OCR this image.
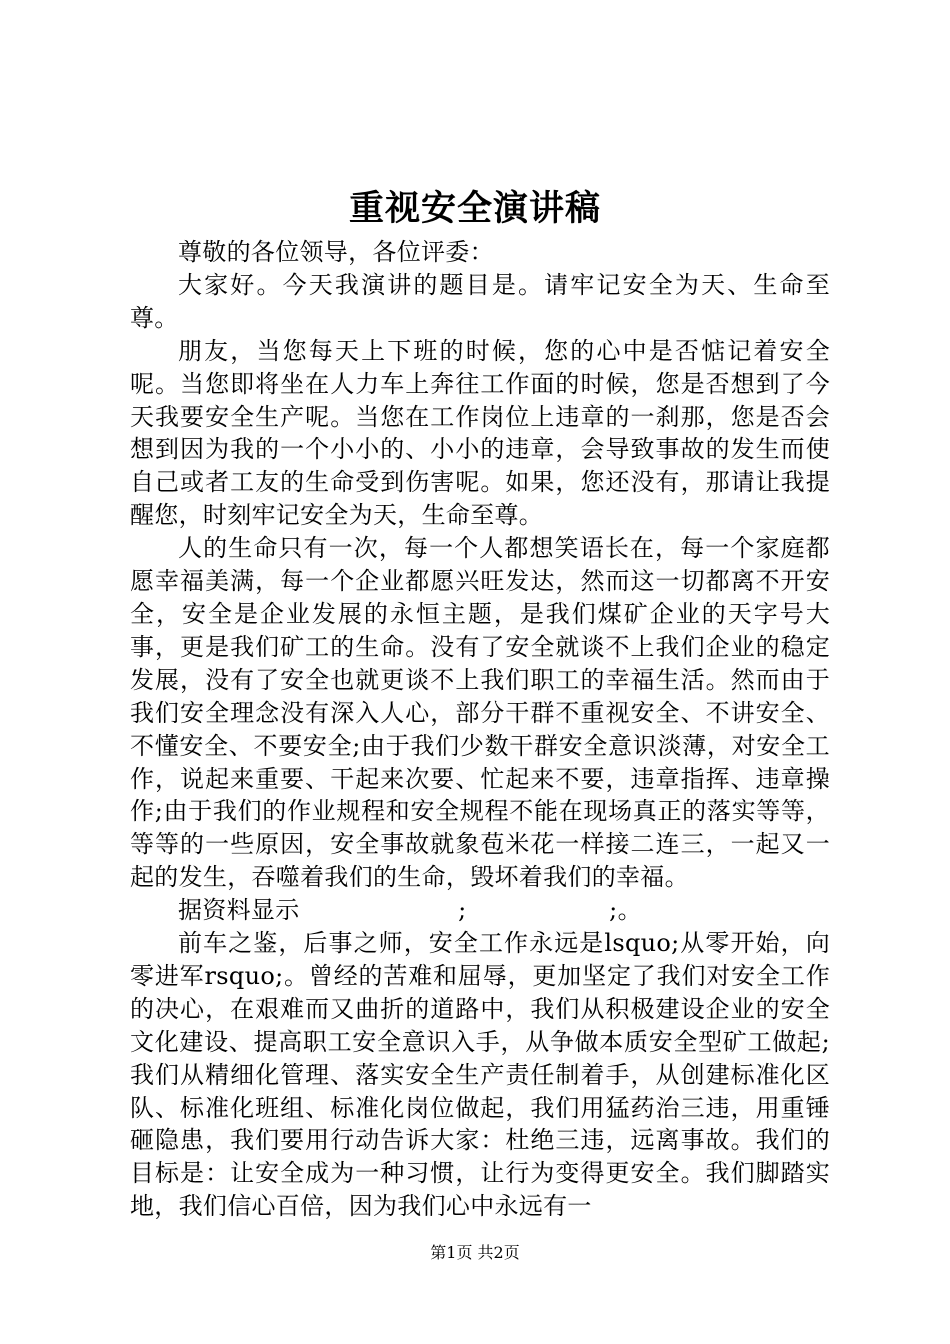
重视安全演讲稿

尊敬的各位领导，各位评委：

大家好。今天我演讲的题目是。请牢记安全为天、生命至尊。

朋友，当您每天上下班的时候，您的心中是否惦记着安全呢。当您即将坐在人力车上奔往工作面的时候，您是否想到了今天我要安全生产呢。当您在工作岗位上违章的一刹那，您是否会想到因为我的一个小小的、小小的违章，会导致事故的发生而使自己或者工友的生命受到伤害呢。如果，您还没有，那请让我提醒您，时刻牢记安全为天，生命至尊。

人的生命只有一次，每一个人都想笑语长在，每一个家庭都愿幸福美满，每一个企业都愿兴旺发达，然而这一切都离不开安全，安全是企业发展的永恒主题，是我们煤矿企业的天字号大事，更是我们矿工的生命。没有了安全就谈不上我们企业的稳定发展，没有了安全也就更谈不上我们职工的幸福生活。然而由于我们安全理念没有深入人心，部分干群不重视安全、不讲安全、不懂安全、不要安全;由于我们少数干群安全意识淡薄，对安全工作，说起来重要、干起来次要、忙起来不要，违章指挥、违章操作;由于我们的作业规程和安全规程不能在现场真正的落实等等，等等的一些原因，安全事故就象苞米花一样接二连三，一起又一起的发生，吞噬着我们的生命，毁坏着我们的幸福。

据资料显示                    ;                  ;。

前车之鉴，后事之师，安全工作永远是lsquo;从零开始，向零进军rsquo;。曾经的苦难和屈辱，更加坚定了我们对安全工作的决心，在艰难而又曲折的道路中，我们从积极建设企业的安全文化建设、提高职工安全意识入手，从争做本质安全型矿工做起;我们从精细化管理、落实安全生产责任制着手，从创建标准化区队、标准化班组、标准化岗位做起，我们用猛药治三违，用重锤砸隐患，我们要用行动告诉大家：杜绝三违，远离事故。我们的目标是：让安全成为一种习惯，让行为变得更安全。我们脚踏实地，我们信心百倍，因为我们心中永远有一

第1页 共2页
